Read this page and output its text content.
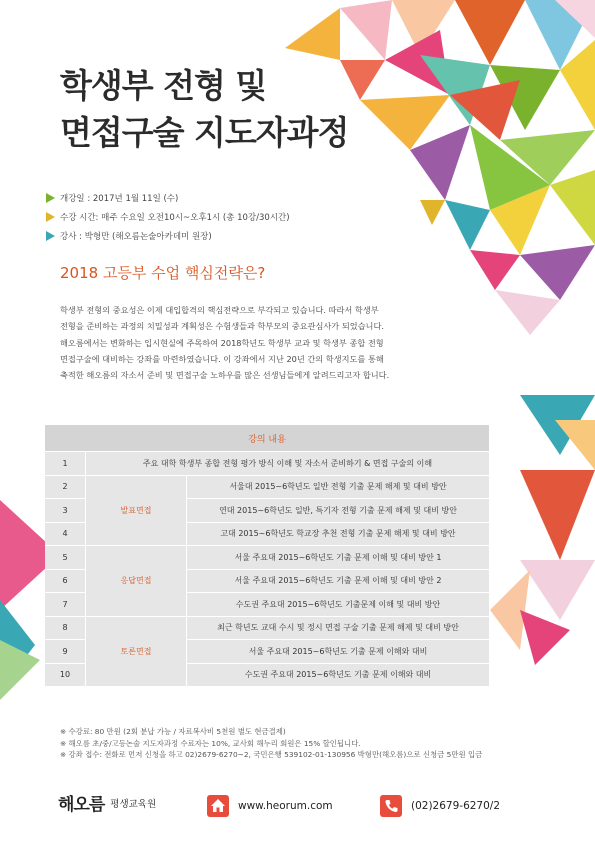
학생부 전형 및
면접구술 지도자과정
개강일 : 2017년 1월 11일 (수)
수강 시간: 매주 수요일 오전10시~오후1시 (총 10강/30시간)
강사 : 박형만 (해오름논술아카데미 원장)
2018 고등부 수업 핵심전략은?
학생부 전형의 중요성은 이제 대입합격의 핵심전략으로 부각되고 있습니다. 따라서 학생부
전형을 준비하는 과정의 치밀성과 계획성은 수험생들과 학부모의 중요관심사가 되었습니다.
해오름에서는 변화하는 입시현실에 주목하여 2018학년도 학생부 교과 및 학생부 종합 전형
면접구술에 대비하는 강좌를 마련하였습니다. 이 강좌에서 지난 20년 간의 학생지도를 통해
축적한 해오름의 자소서 준비 및 면접구술 노하우를 많은 선생님들에게 알려드리고자 합니다.
강의 내용		
1	주요 대학 학생부 종합 전형 평가 방식 이해 및 자소서 준비하기 & 면접 구술의 이해	
2	발표면접	서울대 2015~6학년도 일반 전형 기출 문제 해제 및 대비 방안
3		연대 2015~6학년도 일반, 특기자 전형 기출 문제 해제 및 대비 방안
4		고대 2015~6학년도 학교장 추천 전형 기출 문제 해제 및 대비 방안
5	응답면접	서울 주요대 2015~6학년도 기출 문제 이해 및 대비 방안 1
6		서울 주요대 2015~6학년도 기출 문제 이해 및 대비 방안 2
7		수도권 주요대 2015~6학년도 기출문제 이해 및 대비 방안
8	토론면접	최근 학년도 교대 수시 및 정시 면접 구술 기출 문제 해제 및 대비 방안
9		서울 주요대 2015~6학년도 기출 문제 이해와 대비
10		수도권 주요대 2015~6학년도 기출 문제 이해와 대비
※ 수강료: 80 만원 (2회 분납 가능 / 자료복사비 5천원 별도 현금결제)
※ 해오름 초/중/고등논술 지도자과정 수료자는 10%, 교사회 해누리 회원은 15% 할인됩니다.
※ 강좌 접수: 전화로 먼저 신청을 하고 02)2679-6270~2, 국민은행 539102-01-130956 박형만(해오름)으로 신청금 5만원 입금
해오름 평생교육원	www.heorum.com	(02)2679-6270/2
